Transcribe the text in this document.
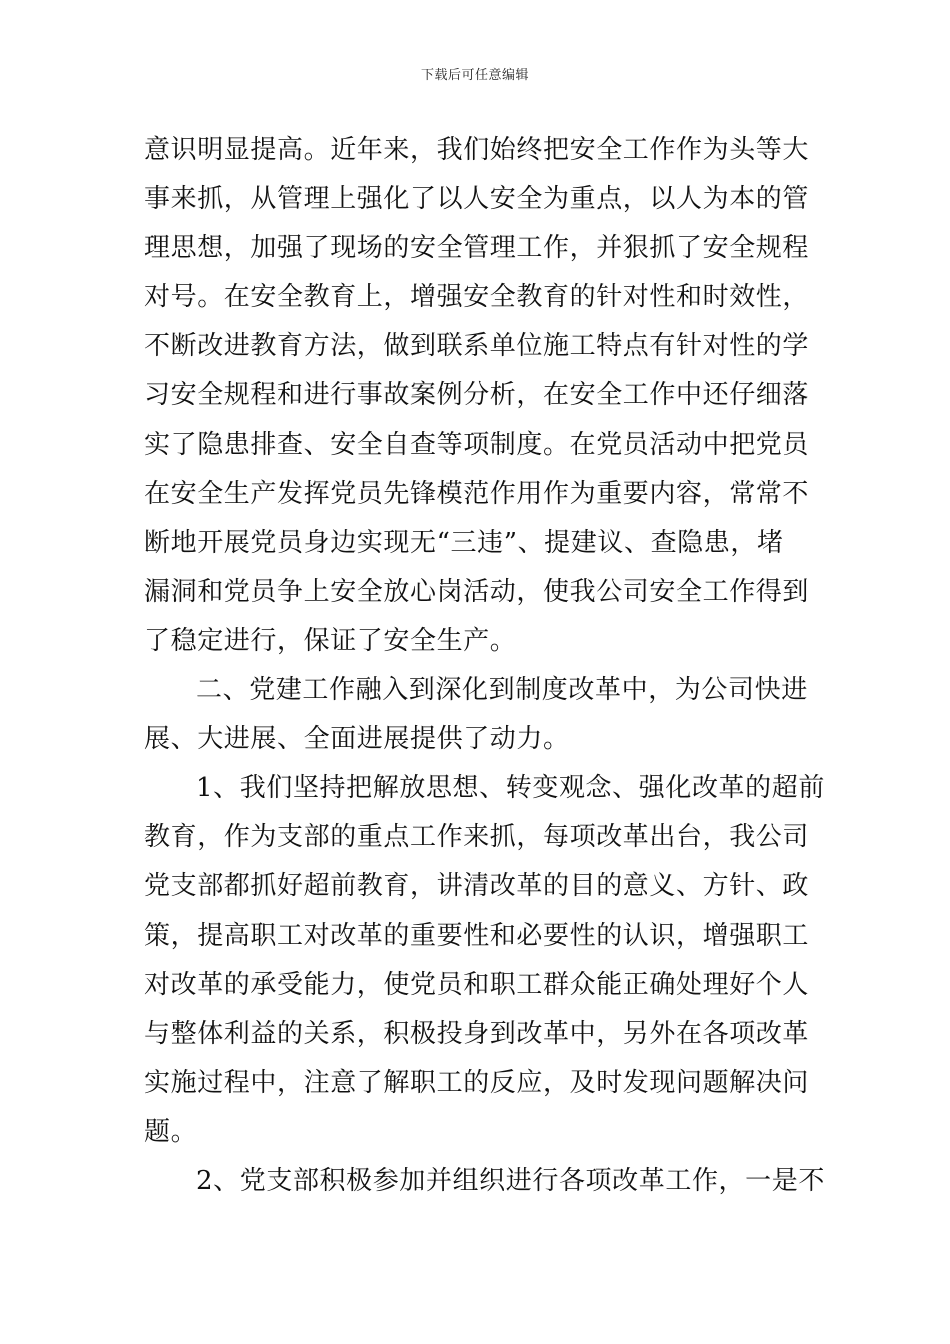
下载后可任意编辑
意识明显提高。近年来，我们始终把安全工作作为头等大
事来抓，从管理上强化了以人安全为重点，以人为本的管
理思想，加强了现场的安全管理工作，并狠抓了安全规程
对号。在安全教育上，增强安全教育的针对性和时效性，
不断改进教育方法，做到联系单位施工特点有针对性的学
习安全规程和进行事故案例分析，在安全工作中还仔细落
实了隐患排查、安全自查等项制度。在党员活动中把党员
在安全生产发挥党员先锋模范作用作为重要内容，常常不
断地开展党员身边实现无“三违”、提建议、查隐患，堵
漏洞和党员争上安全放心岗活动，使我公司安全工作得到
了稳定进行，保证了安全生产。
二、党建工作融入到深化到制度改革中，为公司快进
展、大进展、全面进展提供了动力。
1、我们坚持把解放思想、转变观念、强化改革的超前
教育，作为支部的重点工作来抓，每项改革出台，我公司
党支部都抓好超前教育，讲清改革的目的意义、方针、政
策，提高职工对改革的重要性和必要性的认识，增强职工
对改革的承受能力，使党员和职工群众能正确处理好个人
与整体利益的关系，积极投身到改革中，另外在各项改革
实施过程中，注意了解职工的反应，及时发现问题解决问
题。
2、党支部积极参加并组织进行各项改革工作，一是不
